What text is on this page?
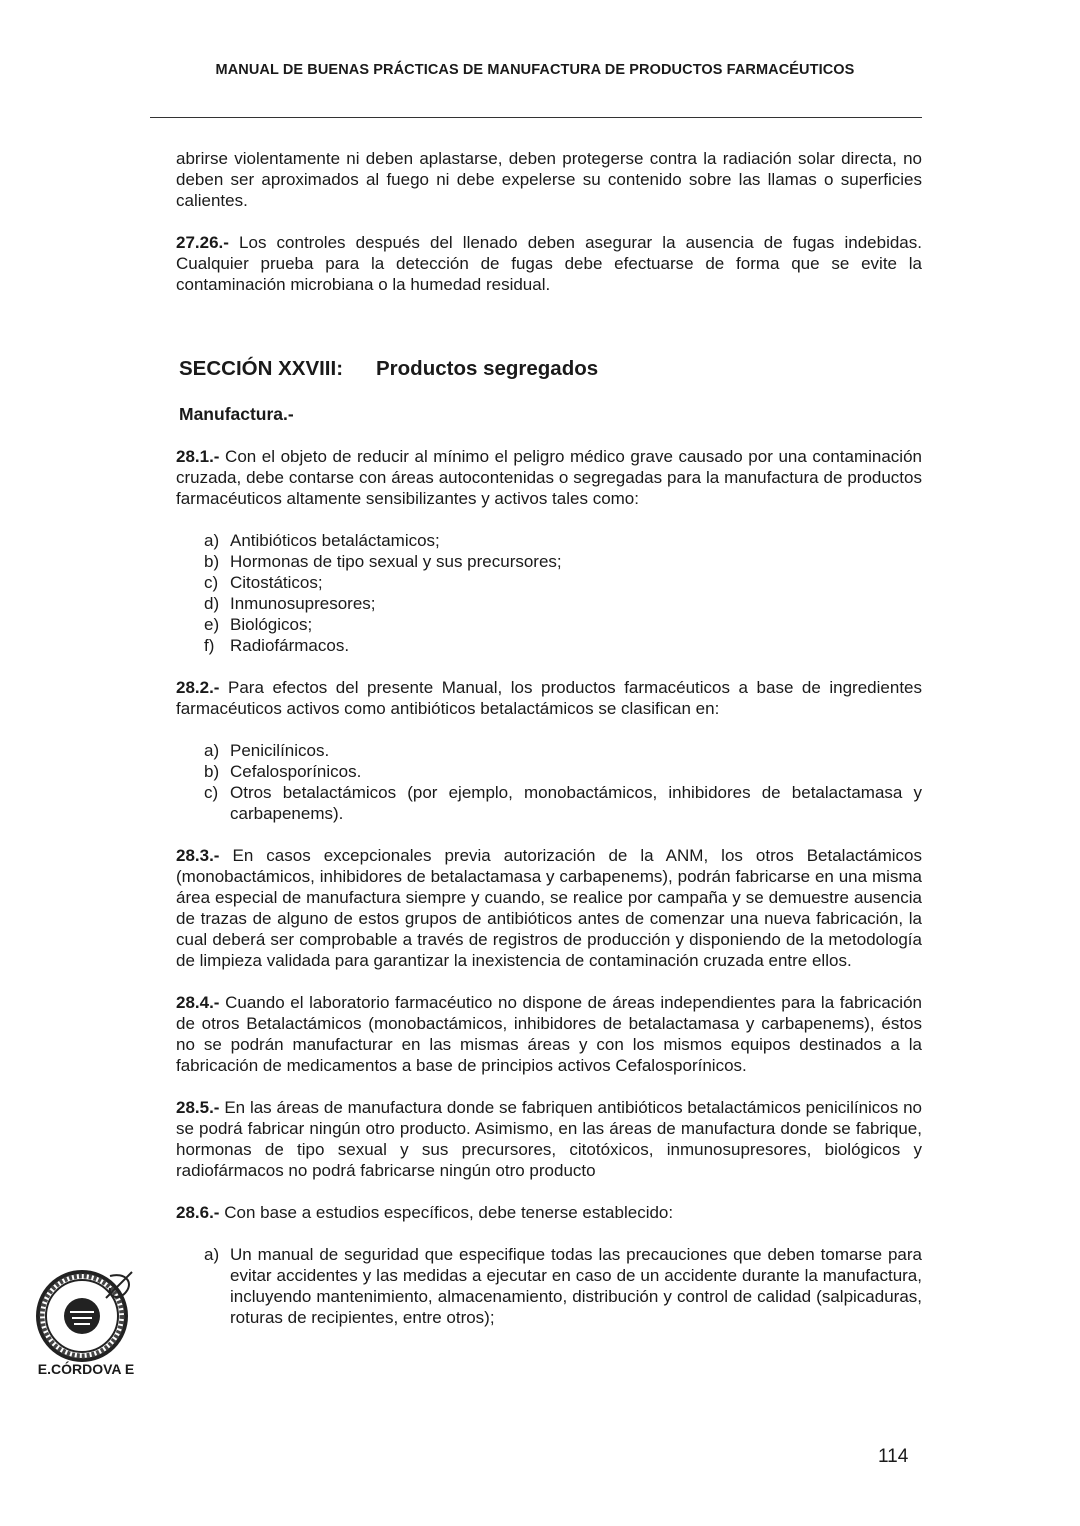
MANUAL DE BUENAS PRÁCTICAS DE MANUFACTURA DE PRODUCTOS FARMACÉUTICOS

abrirse violentamente ni deben aplastarse, deben protegerse contra la radiación solar directa, no deben ser aproximados al fuego ni debe expelerse su contenido sobre las llamas o superficies calientes.

27.26.- Los controles después del llenado deben asegurar la ausencia de fugas indebidas. Cualquier prueba para la detección de fugas debe efectuarse de forma que se evite la contaminación microbiana o la humedad residual.

SECCIÓN XXVIII:	Productos segregados
Manufactura.-

28.1.- Con el objeto de reducir al mínimo el peligro médico grave causado por una contaminación cruzada, debe contarse con áreas autocontenidas o segregadas para la manufactura de productos farmacéuticos altamente sensibilizantes y activos tales como:

a) Antibióticos betaláctamicos;
b) Hormonas de tipo sexual y sus precursores;
c) Citostáticos;
d) Inmunosupresores;
e) Biológicos;
f) Radiofármacos.

28.2.- Para efectos del presente Manual, los productos farmacéuticos a base de ingredientes farmacéuticos activos como antibióticos betalactámicos se clasifican en:

a) Penicilínicos.
b) Cefalosporínicos.
c) Otros betalactámicos (por ejemplo, monobactámicos, inhibidores de betalactamasa y carbapenems).

28.3.- En casos excepcionales previa autorización de la ANM, los otros Betalactámicos (monobactámicos, inhibidores de betalactamasa y carbapenems), podrán fabricarse en una misma área especial de manufactura siempre y cuando, se realice por campaña y se demuestre ausencia de trazas de alguno de estos grupos de antibióticos antes de comenzar una nueva fabricación, la cual deberá ser comprobable a través de registros de producción y disponiendo de la metodología de limpieza validada para garantizar la inexistencia de contaminación cruzada entre ellos.

28.4.- Cuando el laboratorio farmacéutico no dispone de áreas independientes para la fabricación de otros Betalactámicos (monobactámicos, inhibidores de betalactamasa y carbapenems), éstos no se podrán manufacturar en las mismas áreas y con los mismos equipos destinados a la fabricación de medicamentos a base de principios activos Cefalosporínicos.

28.5.- En las áreas de manufactura donde se fabriquen antibióticos betalactámicos penicilínicos no se podrá fabricar ningún otro producto. Asimismo, en las áreas de manufactura donde se fabrique, hormonas de tipo sexual y sus precursores, citotóxicos, inmunosupresores, biológicos y radiofármacos no podrá fabricarse ningún otro producto

28.6.- Con base a estudios específicos, debe tenerse establecido:

a) Un manual de seguridad que especifique todas las precauciones que deben tomarse para evitar accidentes y las medidas a ejecutar en caso de un accidente durante la manufactura, incluyendo mantenimiento, almacenamiento, distribución y control de calidad (salpicaduras, roturas de recipientes, entre otros);
E.CÓRDOVA E
114
